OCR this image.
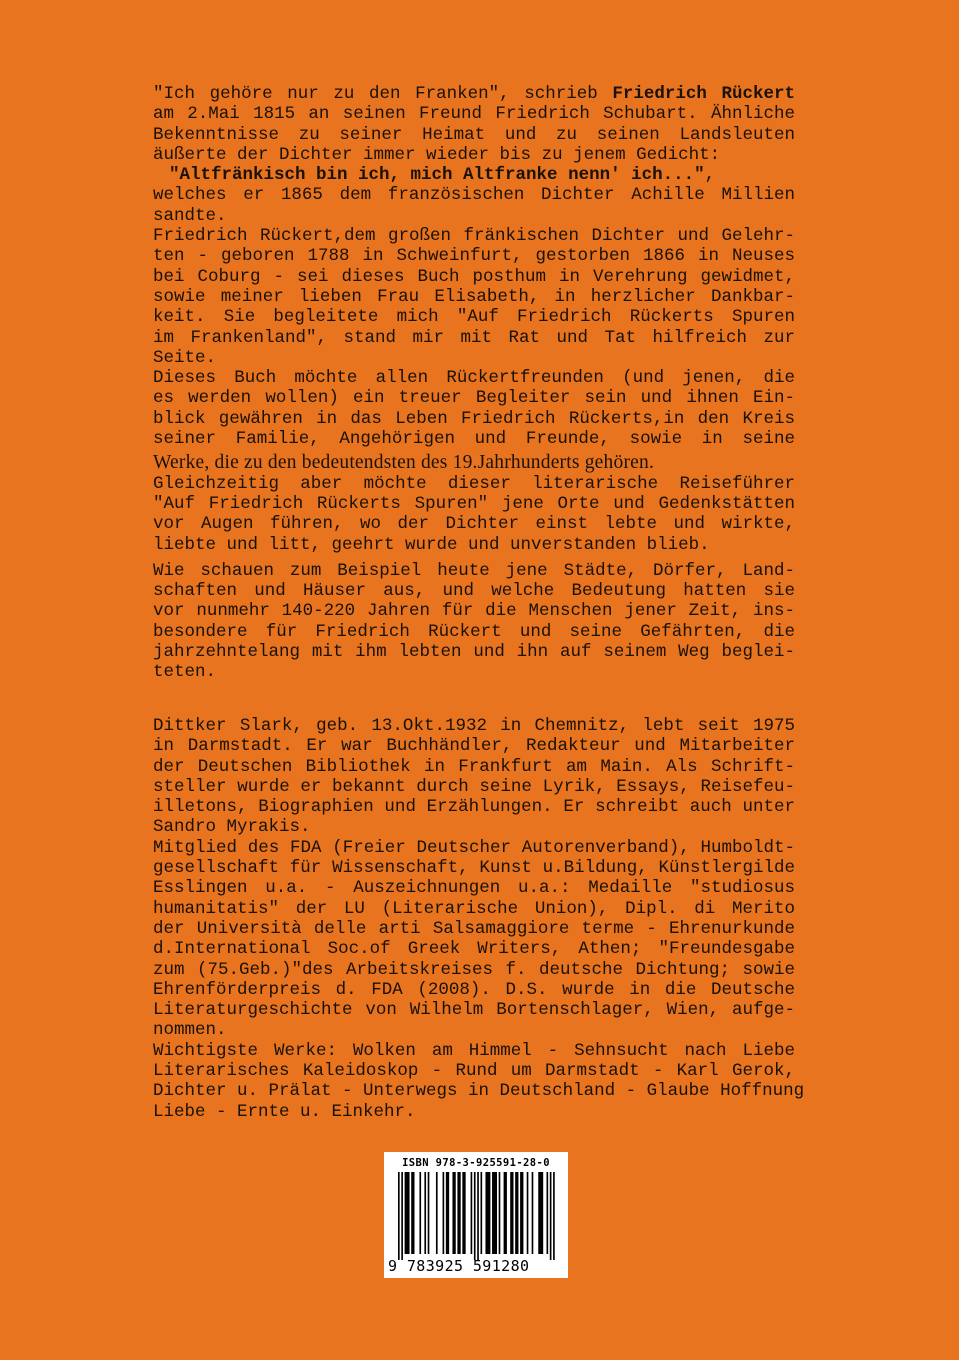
"Ich gehöre nur zu den Franken", schrieb Friedrich Rückert
am 2.Mai 1815 an seinen Freund Friedrich Schubart. Ähnliche
Bekenntnisse zu seiner Heimat und zu seinen Landsleuten
äußerte der Dichter immer wieder bis zu jenem Gedicht:
"Altfränkisch bin ich, mich Altfranke nenn' ich...",
welches er 1865 dem französischen Dichter Achille Millien
sandte.
Friedrich Rückert,dem großen fränkischen Dichter und Gelehr-
ten - geboren 1788 in Schweinfurt, gestorben 1866 in Neuses
bei Coburg - sei dieses Buch posthum in Verehrung gewidmet,
sowie meiner lieben Frau Elisabeth, in herzlicher Dankbar-
keit. Sie begleitete mich "Auf Friedrich Rückerts Spuren
im Frankenland", stand mir mit Rat und Tat hilfreich zur
Seite.
Dieses Buch möchte allen Rückertfreunden (und jenen, die
es werden wollen) ein treuer Begleiter sein und ihnen Ein-
blick gewähren in das Leben Friedrich Rückerts,in den Kreis
seiner Familie, Angehörigen und Freunde, sowie in seine
Werke, die zu den bedeutendsten des 19.Jahrhunderts gehören.
Gleichzeitig aber möchte dieser literarische Reiseführer
"Auf Friedrich Rückerts Spuren" jene Orte und Gedenkstätten
vor Augen führen, wo der Dichter einst lebte und wirkte,
liebte und litt, geehrt wurde und unverstanden blieb.
Wie schauen zum Beispiel heute jene Städte, Dörfer, Land-
schaften und Häuser aus, und welche Bedeutung hatten sie
vor nunmehr 140-220 Jahren für die Menschen jener Zeit, ins-
besondere für Friedrich Rückert und seine Gefährten, die
jahrzehntelang mit ihm lebten und ihn auf seinem Weg beglei-
teten.
Dittker Slark, geb. 13.Okt.1932 in Chemnitz, lebt seit 1975
in Darmstadt. Er war Buchhändler, Redakteur und Mitarbeiter
der Deutschen Bibliothek in Frankfurt am Main. Als Schrift-
steller wurde er bekannt durch seine Lyrik, Essays, Reisefeu-
illetons, Biographien und Erzählungen. Er schreibt auch unter
Sandro Myrakis.
Mitglied des FDA (Freier Deutscher Autorenverband), Humboldt-
gesellschaft für Wissenschaft, Kunst u.Bildung, Künstlergilde
Esslingen u.a. - Auszeichnungen u.a.: Medaille "studiosus
humanitatis" der LU (Literarische Union), Dipl. di Merito
der Università delle arti Salsamaggiore terme - Ehrenurkunde
d.International Soc.of Greek Writers, Athen; "Freundesgabe
zum (75.Geb.)"des Arbeitskreises f. deutsche Dichtung; sowie
Ehrenförderpreis d. FDA (2008). D.S. wurde in die Deutsche
Literaturgeschichte von Wilhelm Bortenschlager, Wien, aufge-
nommen.
Wichtigste Werke: Wolken am Himmel - Sehnsucht nach Liebe
Literarisches Kaleidoskop - Rund um Darmstadt - Karl Gerok,
Dichter u. Prälat - Unterwegs in Deutschland - Glaube Hoffnung
Liebe - Ernte u. Einkehr.
ISBN 978-3-925591-28-0
9 783925 591280
